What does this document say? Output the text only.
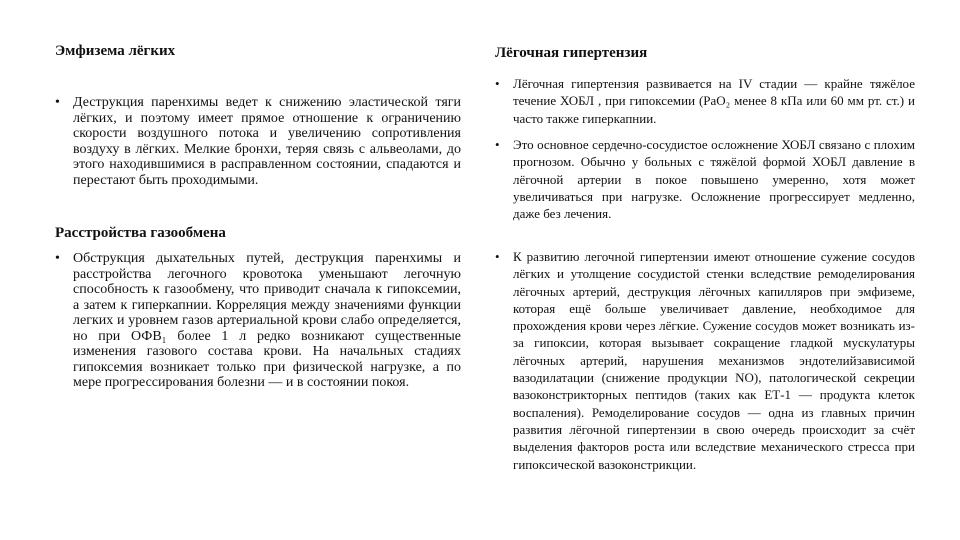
Эмфизема лёгких

• Деструкция паренхимы ведет к снижению эластической тяги лёгких, и поэтому имеет прямое отношение к ограничению скорости воздушного потока и увеличению сопротивления воздуху в лёгких. Мелкие бронхи, теряя связь с альвеолами, до этого находившимися в расправленном состоянии, спадаются и перестают быть проходимыми.

Расстройства газообмена

• Обструкция дыхательных путей, деструкция паренхимы и расстройства легочного кровотока уменьшают легочную способность к газообмену, что приводит сначала к гипоксемии, а затем к гиперкапнии. Корреляция между значениями функции легких и уровнем газов артериальной крови слабо определяется, но при ОФВ₁ более 1 л редко возникают существенные изменения газового состава крови. На начальных стадиях гипоксемия возникает только при физической нагрузке, а по мере прогрессирования болезни — и в состоянии покоя.

Лёгочная гипертензия

• Лёгочная гипертензия развивается на IV стадии — крайне тяжёлое течение ХОБЛ , при гипоксемии (PaO₂ менее 8 кПа или 60 мм рт. ст.) и часто также гиперкапнии.

• Это основное сердечно-сосудистое осложнение ХОБЛ связано с плохим прогнозом. Обычно у больных с тяжёлой формой ХОБЛ давление в лёгочной артерии в покое повышено умеренно, хотя может увеличиваться при нагрузке. Осложнение прогрессирует медленно, даже без лечения.

• К развитию легочной гипертензии имеют отношение сужение сосудов лёгких и утолщение сосудистой стенки вследствие ремоделирования лёгочных артерий, деструкция лёгочных капилляров при эмфиземе, которая ещё больше увеличивает давление, необходимое для прохождения крови через лёгкие. Сужение сосудов может возникать из-за гипоксии, которая вызывает сокращение гладкой мускулатуры лёгочных артерий, нарушения механизмов эндотелийзависимой вазодилатации (снижение продукции NO), патологической секреции вазоконстрикторных пептидов (таких как ЕТ-1 — продукта клеток воспаления). Ремоделирование сосудов — одна из главных причин развития лёгочной гипертензии в свою очередь происходит за счёт выделения факторов роста или вследствие механического стресса при гипоксической вазоконстрикции.
